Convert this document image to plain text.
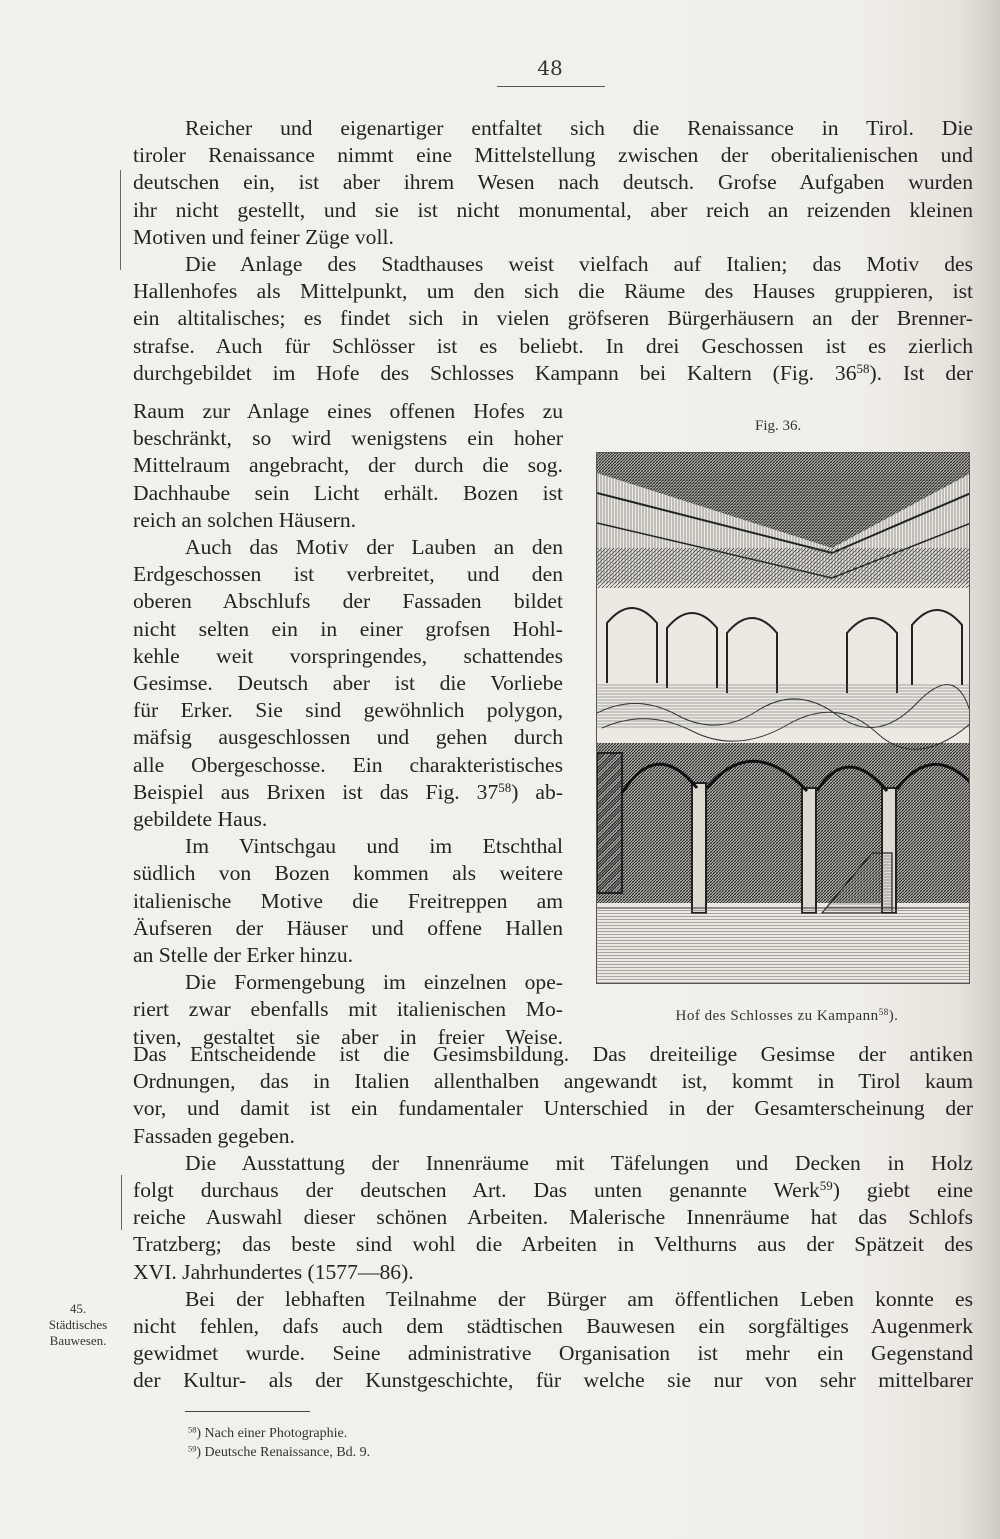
48
Reicher und eigenartiger entfaltet sich die Renaissance in Tirol. Die
tiroler Renaissance nimmt eine Mittelstellung zwischen der oberitalienischen und
deutschen ein, ist aber ihrem Wesen nach deutsch. Grofse Aufgaben wurden
ihr nicht gestellt, und sie ist nicht monumental, aber reich an reizenden kleinen
Motiven und feiner Züge voll.
Die Anlage des Stadthauses weist vielfach auf Italien; das Motiv des
Hallenhofes als Mittelpunkt, um den sich die Räume des Hauses gruppieren, ist
ein altitalisches; es findet sich in vielen gröfseren Bürgerhäusern an der Brenner-
strafse. Auch für Schlösser ist es beliebt. In drei Geschossen ist es zierlich
durchgebildet im Hofe des Schlosses Kampann bei Kaltern (Fig. $36^{58}$). Ist der
Raum zur Anlage eines offenen Hofes zu
beschränkt, so wird wenigstens ein hoher
Mittelraum angebracht, der durch die sog.
Dachhaube sein Licht erhält. Bozen ist
reich an solchen Häusern.
Auch das Motiv der Lauben an den
Erdgeschossen ist verbreitet, und den
oberen Abschlufs der Fassaden bildet
nicht selten ein in einer grofsen Hohl-
kehle weit vorspringendes, schattendes
Gesimse. Deutsch aber ist die Vorliebe
für Erker. Sie sind gewöhnlich polygon,
mäfsig ausgeschlossen und gehen durch
alle Obergeschosse. Ein charakteristisches
Beispiel aus Brixen ist das Fig. $37^{58}$) ab-
gebildete Haus.
Im Vintschgau und im Etschthal
südlich von Bozen kommen als weitere
italienische Motive die Freitreppen am
Äufseren der Häuser und offene Hallen
an Stelle der Erker hinzu.
Die Formengebung im einzelnen ope-
riert zwar ebenfalls mit italienischen Mo-
tiven, gestaltet sie aber in freier Weise.
Das Entscheidende ist die Gesimsbildung. Das dreiteilige Gesimse der antiken
Ordnungen, das in Italien allenthalben angewandt ist, kommt in Tirol kaum
vor, und damit ist ein fundamentaler Unterschied in der Gesamterscheinung der
Fassaden gegeben.
Die Ausstattung der Innenräume mit Täfelungen und Decken in Holz
folgt durchaus der deutschen Art. Das unten genannte Werk$^{59}$) giebt eine
reiche Auswahl dieser schönen Arbeiten. Malerische Innenräume hat das Schlofs
Tratzberg; das beste sind wohl die Arbeiten in Velthurns aus der Spätzeit des
XVI. Jahrhundertes (1577—86).
Bei der lebhaften Teilnahme der Bürger am öffentlichen Leben konnte es
nicht fehlen, dafs auch dem städtischen Bauwesen ein sorgfältiges Augenmerk
gewidmet wurde. Seine administrative Organisation ist mehr ein Gegenstand
der Kultur- als der Kunstgeschichte, für welche sie nur von sehr mittelbarer
Fig. 36.
Hof des Schlosses zu Kampann$^{58}$).
45.
Städtisches
Bauwesen.
$^{58}$) Nach einer Photographie.
$^{59}$) Deutsche Renaissance, Bd. 9.
